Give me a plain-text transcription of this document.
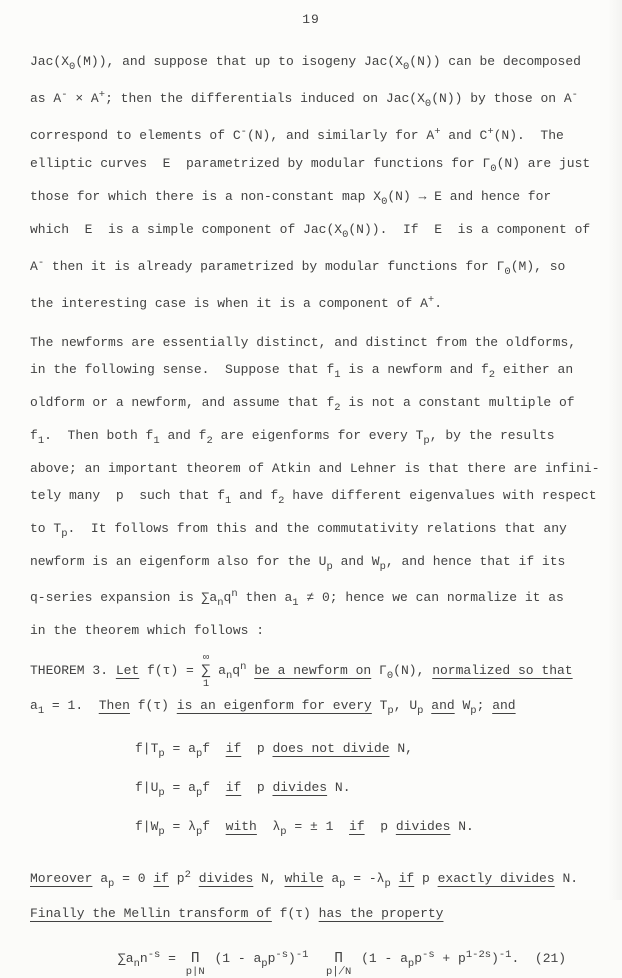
19
$Jac(X_0(M))$, and suppose that up to isogeny $Jac(X_0(N))$ can be decomposed
as A- × A+; then the differentials induced on $Jac(X_0(N))$ by those on A-
correspond to elements of C-(N), and similarly for A+ and C+(N).  The
elliptic curves  E  parametrized by modular functions for $\Gamma_0(N)$ are just
those for which there is a non-constant map $X_0(N) \to E$ and hence for
which  E  is a simple component of $Jac(X_0(N))$.  If  E  is a component of
A- then it is already parametrized by modular functions for $\Gamma_0(M)$, so
the interesting case is when it is a component of A+.
The newforms are essentially distinct, and distinct from the oldforms,
in the following sense.  Suppose that $f_1$ is a newform and $f_2$ either an
oldform or a newform, and assume that $f_2$ is not a constant multiple of
$f_1$.  Then both $f_1$ and $f_2$ are eigenforms for every $T_p$, by the results
above; an important theorem of Atkin and Lehner is that there are infini-
tely many  p  such that $f_1$ and $f_2$ have different eigenvalues with respect
to $T_p$.  It follows from this and the commutativity relations that any
newform is an eigenform also for the $U_p$ and $W_p$, and hence that if its
q-series expansion is $\sum a_nq^n$ then $a_1 \ne 0$; hence we can normalize it as
in the theorem which follows :
THEOREM 3. Let f(τ) =
∞
∑
1
$a_nq^n$ be a newform on $\Gamma_0(N)$, normalized so that
$a_1 = 1$.  Then f(τ) is an eigenform for every $T_p$, $U_p$ and $W_p$; and
$f|T_p = a_pf$  if  p does not divide N,
$f|U_p = a_pf$  if  p divides N.
$f|W_p = \lambda_pf$  with  $\lambda_p$ = ± 1  if  p divides N.
Moreover $a_p = 0$ if $p^2$ divides N, while $a_p = -\lambda_p$ if p exactly divides N.
Finally the Mellin transform of f(τ) has the property
$\sum a_nn^{-s} = \Pi$
p|N
$(1 - a_pp^{-s})^{-1}$ Π
p∤N
$(1 - a_pp^{-s} + p^{1-2s})^{-1}$.  (21)
